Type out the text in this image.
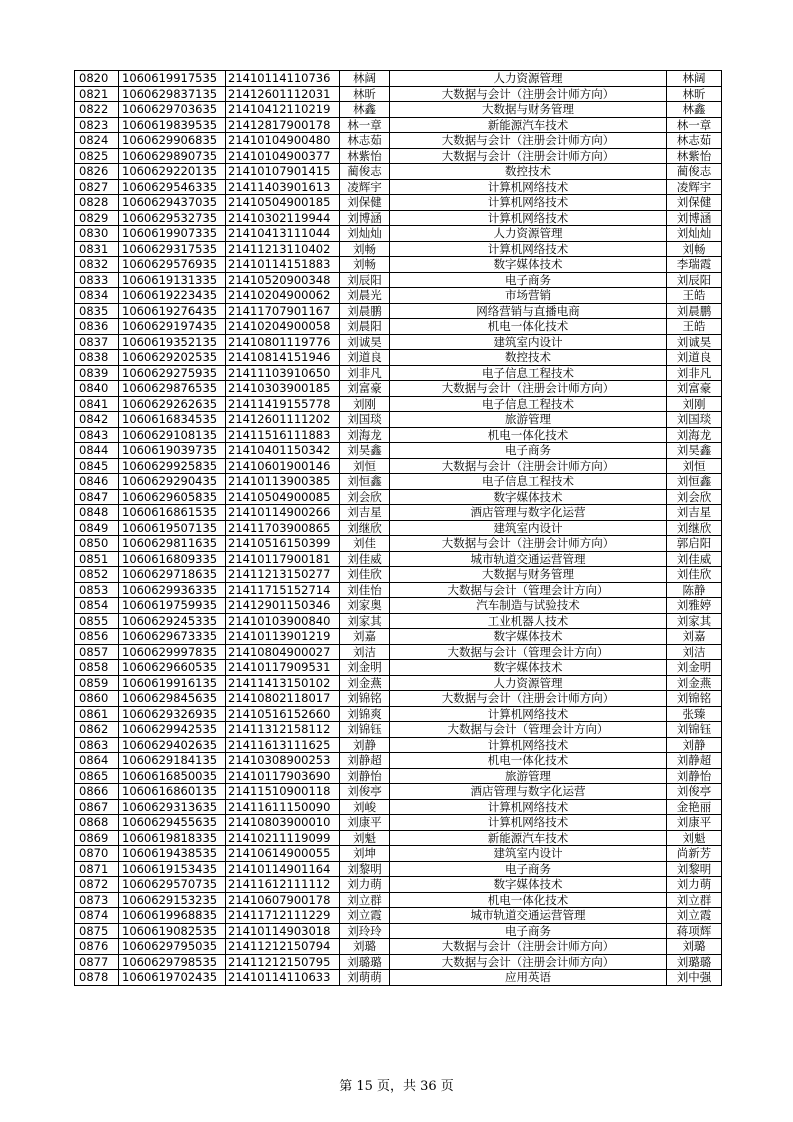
0820	1060619917535	21410114110736	林阔	人力资源管理	林阔
0821	1060629837135	21412601112031	林昕	大数据与会计（注册会计师方向）	林昕
0822	1060629703635	21410412110219	林鑫	大数据与财务管理	林鑫
0823	1060619839535	21412817900178	林一章	新能源汽车技术	林一章
0824	1060629906835	21410104900480	林志茹	大数据与会计（注册会计师方向）	林志茹
0825	1060629890735	21410104900377	林紫怡	大数据与会计（注册会计师方向）	林紫怡
0826	1060629220135	21410107901415	蔺俊志	数控技术	蔺俊志
0827	1060629546335	21411403901613	凌辉宇	计算机网络技术	凌辉宇
0828	1060629437035	21410504900185	刘保健	计算机网络技术	刘保健
0829	1060629532735	21410302119944	刘博涵	计算机网络技术	刘博涵
0830	1060619907335	21410413111044	刘灿灿	人力资源管理	刘灿灿
0831	1060629317535	21411213110402	刘畅	计算机网络技术	刘畅
0832	1060629576935	21410114151883	刘畅	数字媒体技术	李瑞霞
0833	1060619131335	21410520900348	刘辰阳	电子商务	刘辰阳
0834	1060619223435	21410204900062	刘晨光	市场营销	王皓
0835	1060619276435	21411707901167	刘晨鹏	网络营销与直播电商	刘晨鹏
0836	1060629197435	21410204900058	刘晨阳	机电一体化技术	王皓
0837	1060619352135	21410801119776	刘诚昊	建筑室内设计	刘诚昊
0838	1060629202535	21410814151946	刘道良	数控技术	刘道良
0839	1060629275935	21411103910650	刘非凡	电子信息工程技术	刘非凡
0840	1060629876535	21410303900185	刘富豪	大数据与会计（注册会计师方向）	刘富豪
0841	1060629262635	21411419155778	刘刚	电子信息工程技术	刘刚
0842	1060616834535	21412601111202	刘国琰	旅游管理	刘国琰
0843	1060629108135	21411516111883	刘海龙	机电一体化技术	刘海龙
0844	1060619039735	21410401150342	刘昊鑫	电子商务	刘昊鑫
0845	1060629925835	21410601900146	刘恒	大数据与会计（注册会计师方向）	刘恒
0846	1060629290435	21410113900385	刘恒鑫	电子信息工程技术	刘恒鑫
0847	1060629605835	21410504900085	刘会欣	数字媒体技术	刘会欣
0848	1060616861535	21410114900266	刘吉星	酒店管理与数字化运营	刘吉星
0849	1060619507135	21411703900865	刘继欣	建筑室内设计	刘继欣
0850	1060629811635	21410516150399	刘佳	大数据与会计（注册会计师方向）	郭启阳
0851	1060616809335	21410117900181	刘佳威	城市轨道交通运营管理	刘佳威
0852	1060629718635	21411213150277	刘佳欣	大数据与财务管理	刘佳欣
0853	1060629936335	21411715152714	刘佳怡	大数据与会计（管理会计方向）	陈静
0854	1060619759935	21412901150346	刘家奥	汽车制造与试验技术	刘雅婷
0855	1060629245335	21410103900840	刘家其	工业机器人技术	刘家其
0856	1060629673335	21410113901219	刘嘉	数字媒体技术	刘嘉
0857	1060629997835	21410804900027	刘洁	大数据与会计（管理会计方向）	刘洁
0858	1060629660535	21410117909531	刘金明	数字媒体技术	刘金明
0859	1060619916135	21411413150102	刘金燕	人力资源管理	刘金燕
0860	1060629845635	21410802118017	刘锦铭	大数据与会计（注册会计师方向）	刘锦铭
0861	1060629326935	21410516152660	刘锦爽	计算机网络技术	张臻
0862	1060629942535	21411312158112	刘锦钰	大数据与会计（管理会计方向）	刘锦钰
0863	1060629402635	21411613111625	刘静	计算机网络技术	刘静
0864	1060629184135	21410308900253	刘静超	机电一体化技术	刘静超
0865	1060616850035	21410117903690	刘静怡	旅游管理	刘静怡
0866	1060616860135	21411510900118	刘俊亭	酒店管理与数字化运营	刘俊亭
0867	1060629313635	21411611150090	刘峻	计算机网络技术	金艳丽
0868	1060629455635	21410803900010	刘康平	计算机网络技术	刘康平
0869	1060619818335	21410211119099	刘魁	新能源汽车技术	刘魁
0870	1060619438535	21410614900055	刘坤	建筑室内设计	尚新芳
0871	1060619153435	21410114901164	刘黎明	电子商务	刘黎明
0872	1060629570735	21411612111112	刘力萌	数字媒体技术	刘力萌
0873	1060629153235	21410607900178	刘立群	机电一体化技术	刘立群
0874	1060619968835	21411712111229	刘立霞	城市轨道交通运营管理	刘立霞
0875	1060619082535	21410114903018	刘玲玲	电子商务	蒋项辉
0876	1060629795035	21411212150794	刘璐	大数据与会计（注册会计师方向）	刘璐
0877	1060629798535	21411212150795	刘璐璐	大数据与会计（注册会计师方向）	刘璐璐
0878	1060619702435	21410114110633	刘萌萌	应用英语	刘中强
第 15 页，共 36 页
